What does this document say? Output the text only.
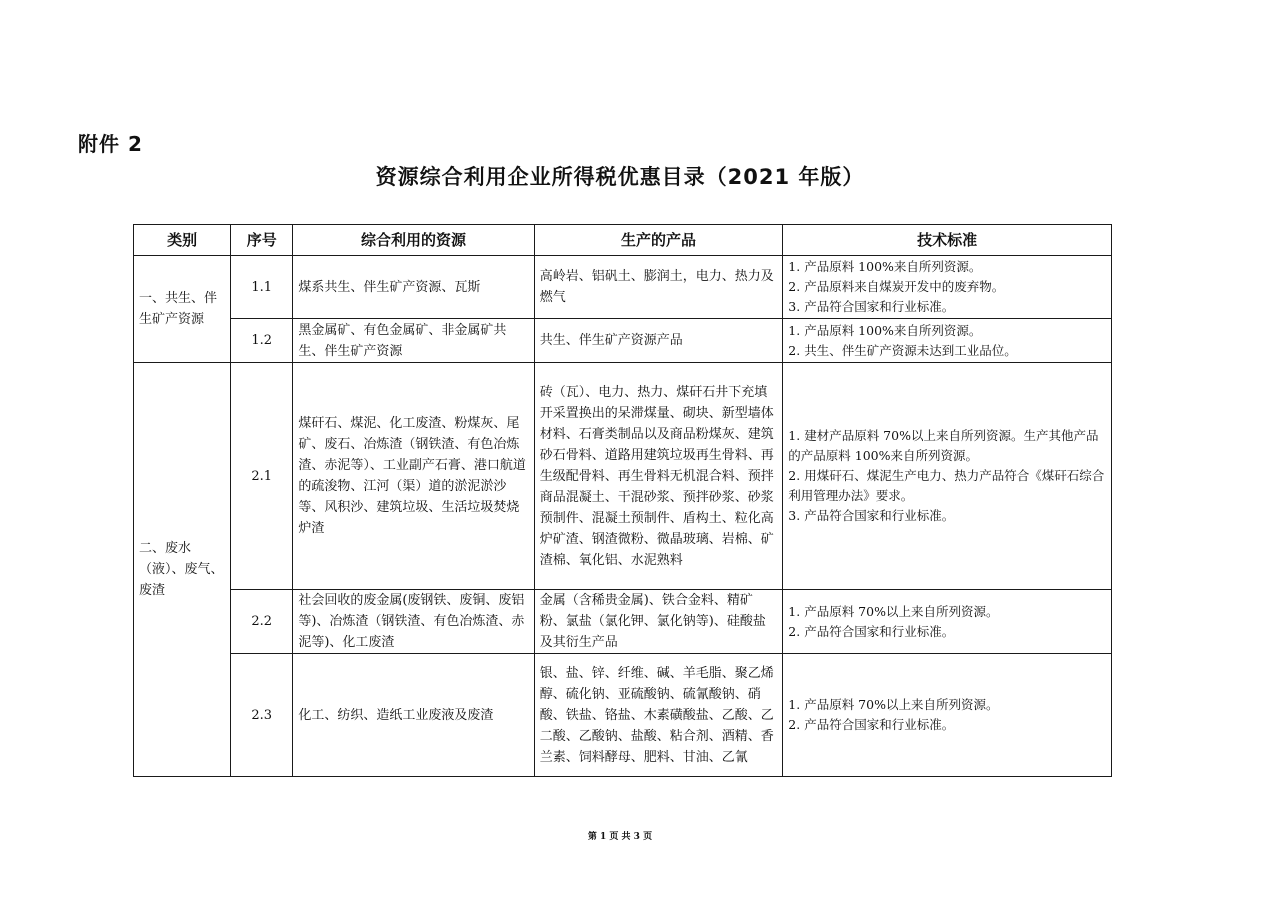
附件 2
资源综合利用企业所得税优惠目录（2021 年版）
类别	序号	综合利用的资源	生产的产品	技术标准
一、共生、伴生矿产资源	1.1	煤系共生、伴生矿产资源、瓦斯	高岭岩、铝矾土、膨润土，电力、热力及燃气	1. 产品原料 100%来自所列资源。
2. 产品原料来自煤炭开发中的废弃物。
3. 产品符合国家和行业标准。

	1.2	黑金属矿、有色金属矿、非金属矿共生、伴生矿产资源	共生、伴生矿产资源产品	1. 产品原料 100%来自所列资源。
2. 共生、伴生矿产资源未达到工业品位。

二、废水（液）、废气、废渣	2.1	煤矸石、煤泥、化工废渣、粉煤灰、尾矿、废石、冶炼渣（钢铁渣、有色冶炼渣、赤泥等）、工业副产石膏、港口航道的疏浚物、江河（渠）道的淤泥淤沙等、风积沙、建筑垃圾、生活垃圾焚烧炉渣	砖（瓦）、电力、热力、煤矸石井下充填开采置换出的呆滞煤量、砌块、新型墙体材料、石膏类制品以及商品粉煤灰、建筑砂石骨料、道路用建筑垃圾再生骨料、再生级配骨料、再生骨料无机混合料、预拌商品混凝土、干混砂浆、预拌砂浆、砂浆预制件、混凝土预制件、盾构土、粒化高炉矿渣、钢渣微粉、微晶玻璃、岩棉、矿渣棉、氧化铝、水泥熟料	1. 建材产品原料 70%以上来自所列资源。生产其他产品的产品原料 100%来自所列资源。
2. 用煤矸石、煤泥生产电力、热力产品符合《煤矸石综合利用管理办法》要求。
3. 产品符合国家和行业标准。

	2.2	社会回收的废金属(废钢铁、废铜、废铝等)、冶炼渣（钢铁渣、有色冶炼渣、赤泥等)、化工废渣	金属（含稀贵金属)、铁合金料、精矿粉、氯盐（氯化钾、氯化钠等)、硅酸盐及其衍生产品	1. 产品原料 70%以上来自所列资源。
2. 产品符合国家和行业标准。

	2.3	化工、纺织、造纸工业废液及废渣	银、盐、锌、纤维、碱、羊毛脂、聚乙烯醇、硫化钠、亚硫酸钠、硫氰酸钠、硝酸、铁盐、铬盐、木素磺酸盐、乙酸、乙二酸、乙酸钠、盐酸、粘合剂、酒精、香兰素、饲料酵母、肥料、甘油、乙氰	1. 产品原料 70%以上来自所列资源。
2. 产品符合国家和行业标准。
第 1 页 共 3 页
